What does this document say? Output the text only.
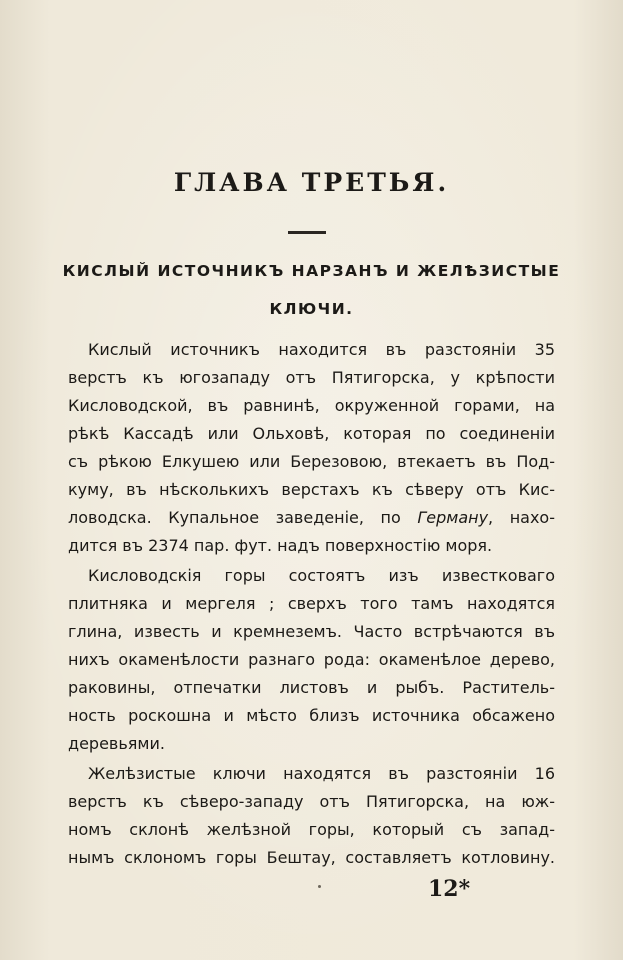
ГЛАВА ТРЕТЬЯ.
КИСЛЫЙ ИСТОЧНИКЪ НАРЗАНЪ И ЖЕЛѢЗИСТЫЕ
КЛЮЧИ.
Кислый источникъ находится въ разстояніи 35
верстъ къ югозападу отъ Пятигорска, у крѣпости
Кисловодской, въ равнинѣ, окруженной горами, на
рѣкѣ Кассадѣ или Ольховѣ, которая по соединеніи
съ рѣкою Елкушею или Березовою, втекаетъ въ Под-
куму, въ нѣсколькихъ верстахъ къ сѣверу отъ Кис-
ловодска. Купальное заведеніе, по Герману, нахо-
дится въ 2374 пар. фут. надъ поверхностію моря.
Кисловодскія горы состоятъ изъ известковаго
плитняка и мергеля ; сверхъ того тамъ находятся
глина, известь и кремнеземъ. Часто встрѣчаются въ
нихъ окаменѣлости разнаго рода: окаменѣлое дерево,
раковины, отпечатки листовъ и рыбъ. Раститель-
ность роскошна и мѣсто близъ источника обсажено
деревьями.
Желѣзистые ключи находятся въ разстояніи 16
верстъ къ сѣверо-западу отъ Пятигорска, на юж-
номъ склонѣ желѣзной горы, который съ запад-
нымъ склономъ горы Бештау, составляетъ котловину.
12*
